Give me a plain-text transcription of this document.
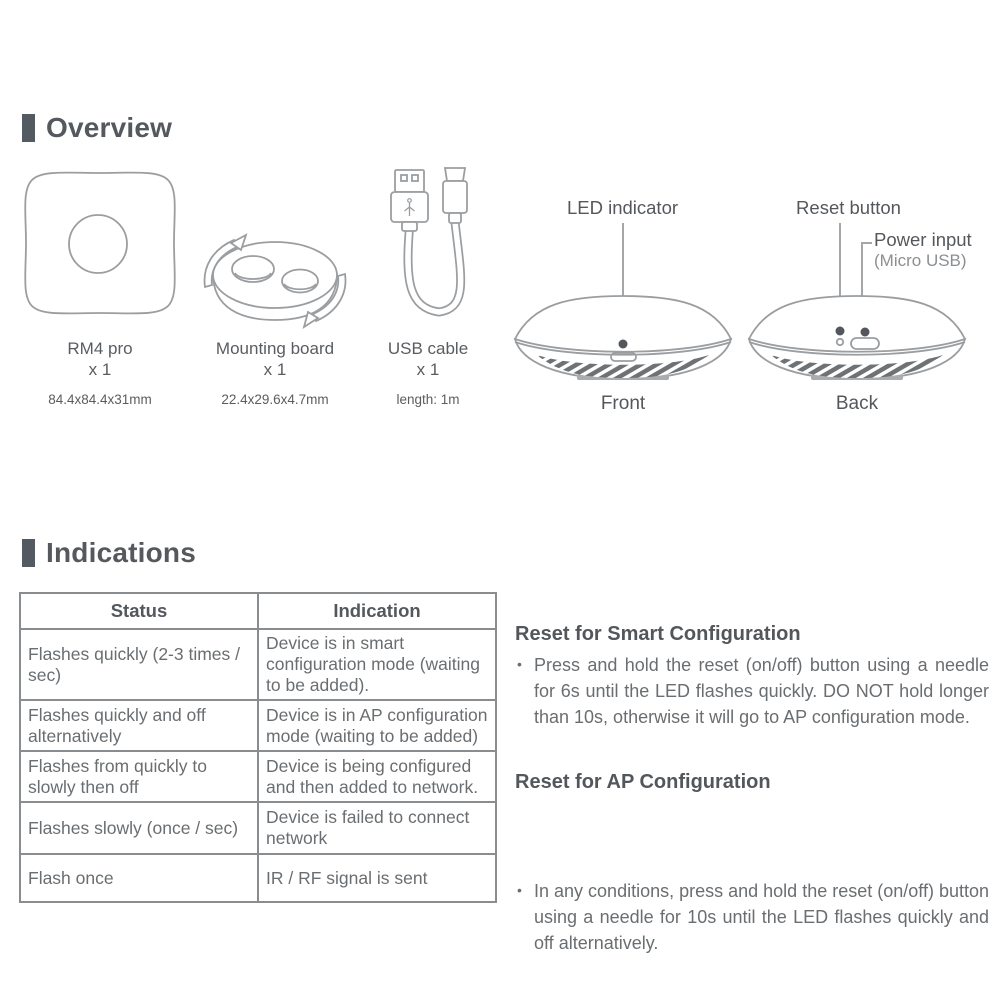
Overview
RM4 pro
x 1
84.4x84.4x31mm
Mounting board
x 1
22.4x29.6x4.7mm
USB cable
x 1
length: 1m
LED indicator	Reset button
Power input
(Micro USB)
Front	Back
Indications
Status	Indication
Flashes quickly (2-3 times / sec)	Device is in smart configuration mode (waiting to be added).
Flashes quickly and off alternatively	Device is in AP configuration mode (waiting to be added)
Flashes from quickly to slowly then off	Device is being configured and then added to network.
Flashes slowly (once / sec)	Device is failed to connect network
Flash once	IR / RF signal is sent
Reset for Smart Configuration

• Press and hold the reset (on/off) button using a needle for 6s until the LED flashes quickly. DO NOT hold longer than 10s, otherwise it will go to AP configuration mode.

Reset for AP Configuration

• In any conditions, press and hold the reset (on/off) button using a needle for 10s until the LED flashes quickly and off alternatively.
